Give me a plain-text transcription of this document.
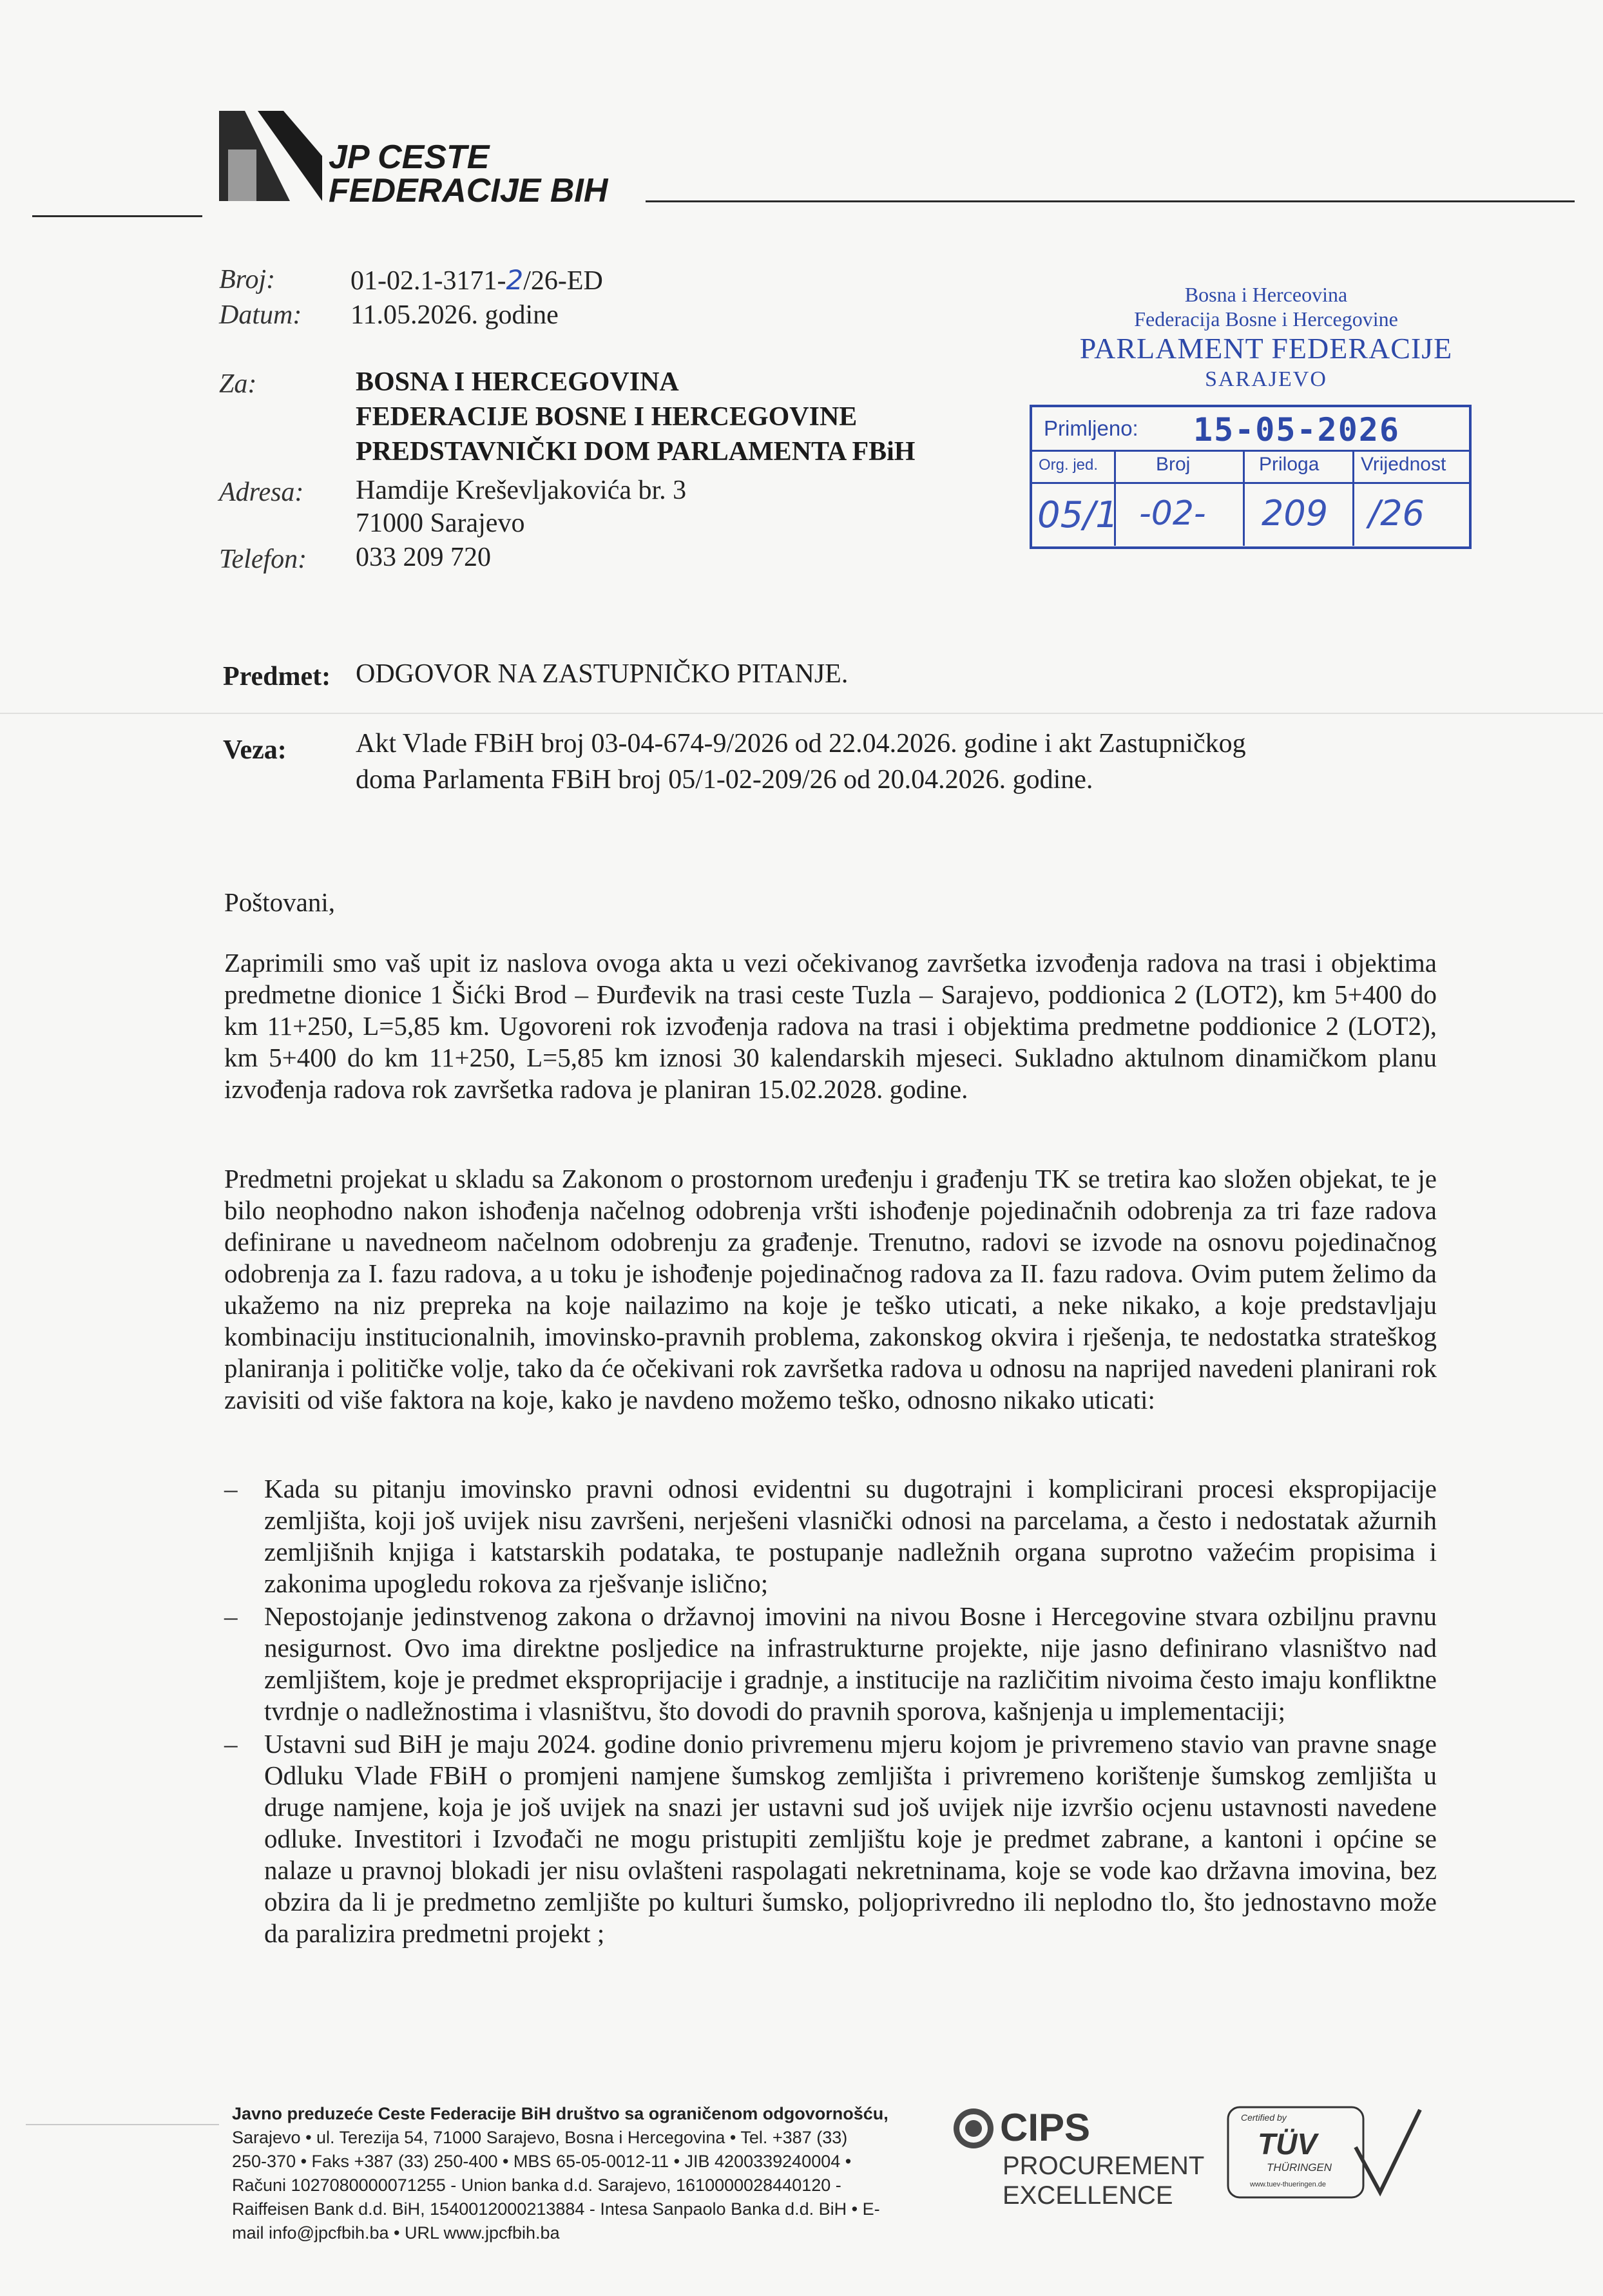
JP CESTE
FEDERACIJE BIH
Broj:	01-02.1-3171-2/26-ED
Datum: 11.05.2026. godine
Za:	BOSNA I HERCEGOVINA
FEDERACIJE BOSNE I HERCEGOVINE
PREDSTAVNIČKI DOM PARLAMENTA FBiH
Adresa: Hamdije Kreševljakovića br. 3
71000 Sarajevo
Telefon: 033 209 720
Bosna i Herceovina
Federacija Bosne i Hercegovine
PARLAMENT FEDERACIJE
SARAJEVO
Primljeno: 15-05-2026
Org. jed.	Broj	Priloga Vrijednost
05/1 -02- 209 /26
Predmet: ODGOVOR NA ZASTUPNIČKO PITANJE.
Veza:	Akt Vlade FBiH broj 03-04-674-9/2026 od 22.04.2026. godine i akt Zastupničkog
doma Parlamenta FBiH broj 05/1-02-209/26 od 20.04.2026. godine.
Poštovani,
Zaprimili smo vaš upit iz naslova ovoga akta u vezi očekivanog završetka izvođenja radova na trasi i objektima predmetne dionice 1 Šićki Brod – Đurđevik na trasi ceste Tuzla – Sarajevo, poddionica 2 (LOT2), km 5+400 do km 11+250, L=5,85 km. Ugovoreni rok izvođenja radova na trasi i objektima predmetne poddionice 2 (LOT2), km 5+400 do km 11+250, L=5,85 km iznosi 30 kalendarskih mjeseci. Sukladno aktulnom dinamičkom planu izvođenja radova rok završetka radova je planiran 15.02.2028. godine.
Predmetni projekat u skladu sa Zakonom o prostornom uređenju i građenju TK se tretira kao složen objekat, te je bilo neophodno nakon ishođenja načelnog odobrenja vršti ishođenje pojedinačnih odobrenja za tri faze radova definirane u navedneom načelnom odobrenju za građenje. Trenutno, radovi se izvode na osnovu pojedinačnog odobrenja za I. fazu radova, a u toku je ishođenje pojedinačnog radova za II. fazu radova. Ovim putem želimo da ukažemo na niz prepreka na koje nailazimo na koje je teško uticati, a neke nikako, a koje predstavljaju kombinaciju institucionalnih, imovinsko-pravnih problema, zakonskog okvira i rješenja, te nedostatka strateškog planiranja i političke volje, tako da će očekivani rok završetka radova u odnosu na naprijed navedeni planirani rok zavisiti od više faktora na koje, kako je navdeno možemo teško, odnosno nikako uticati:
– Kada su pitanju imovinsko pravni odnosi evidentni su dugotrajni i komplicirani procesi ekspropijacije zemljišta, koji još uvijek nisu završeni, nerješeni vlasnički odnosi na parcelama, a često i nedostatak ažurnih zemljišnih knjiga i katstarskih podataka, te postupanje nadležnih organa suprotno važećim propisima i zakonima upogledu rokova za rješvanje islično;
– Nepostojanje jedinstvenog zakona o državnoj imovini na nivou Bosne i Hercegovine stvara ozbiljnu pravnu nesigurnost. Ovo ima direktne posljedice na infrastrukturne projekte, nije jasno definirano vlasništvo nad zemljištem, koje je predmet eksproprijacije i gradnje, a institucije na različitim nivoima često imaju konfliktne tvrdnje o nadležnostima i vlasništvu, što dovodi do pravnih sporova, kašnjenja u implementaciji;
– Ustavni sud BiH je maju 2024. godine donio privremenu mjeru kojom je privremeno stavio van pravne snage Odluku Vlade FBiH o promjeni namjene šumskog zemljišta i privremeno korištenje šumskog zemljišta u druge namjene, koja je još uvijek na snazi jer ustavni sud još uvijek nije izvršio ocjenu ustavnosti navedene odluke. Investitori i Izvođači ne mogu pristupiti zemljištu koje je predmet zabrane, a kantoni i općine se nalaze u pravnoj blokadi jer nisu ovlašteni raspolagati nekretninama, koje se vode kao državna imovina, bez obzira da li je predmetno zemljište po kulturi šumsko, poljoprivredno ili neplodno tlo, što jednostavno može da paralizira predmetni projekt ;
Javno preduzeće Ceste Federacije BiH društvo sa ograničenom odgovornošću,
Sarajevo • ul. Terezija 54, 71000 Sarajevo, Bosna i Hercegovina • Tel. +387 (33)
250-370 • Faks +387 (33) 250-400 • MBS 65-05-0012-11 • JIB 4200339240004 •
Računi 1027080000071255 - Union banka d.d. Sarajevo, 1610000028440120 -
Raiffeisen Bank d.d. BiH, 1540012000213884 - Intesa Sanpaolo Banka d.d. BiH • E-
mail info@jpcfbih.ba • URL www.jpcfbih.ba
CIPS
PROCUREMENT
EXCELLENCE
Certified by
TÜV
THÜRINGEN
www.tuev-thueringen.de
